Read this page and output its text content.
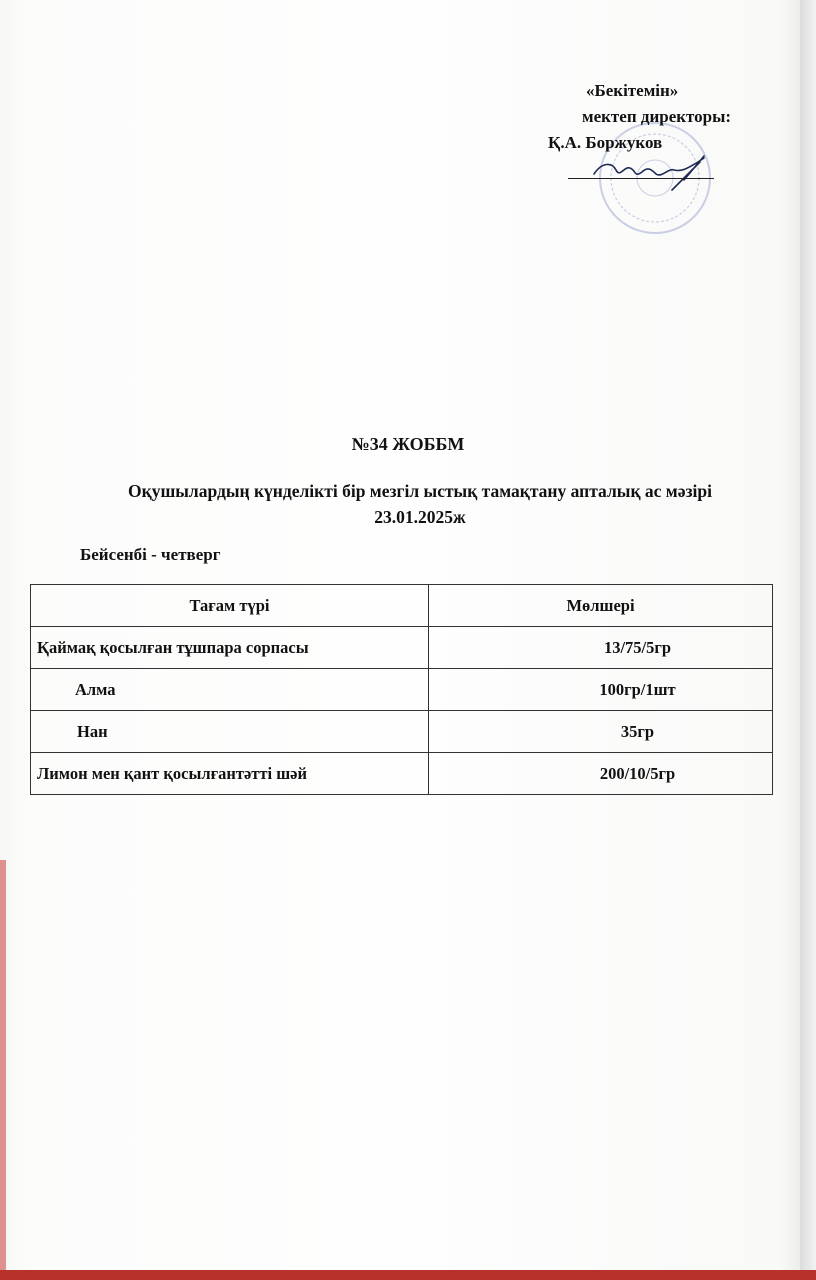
«Бекітемін»
мектеп директоры:
Қ.А. Боржуков
№34 ЖОББМ
Оқушылардың күнделікті бір мезгіл ыстық тамақтану апталық ас мәзірі
23.01.2025ж
Бейсенбі - четверг
Тағам түрі	Мөлшері
Қаймақ қосылған тұшпара сорпасы	13/75/5гр
Алма	100гр/1шт
Нан	35гр
Лимон мен қант қосылғантәтті шәй	200/10/5гр
